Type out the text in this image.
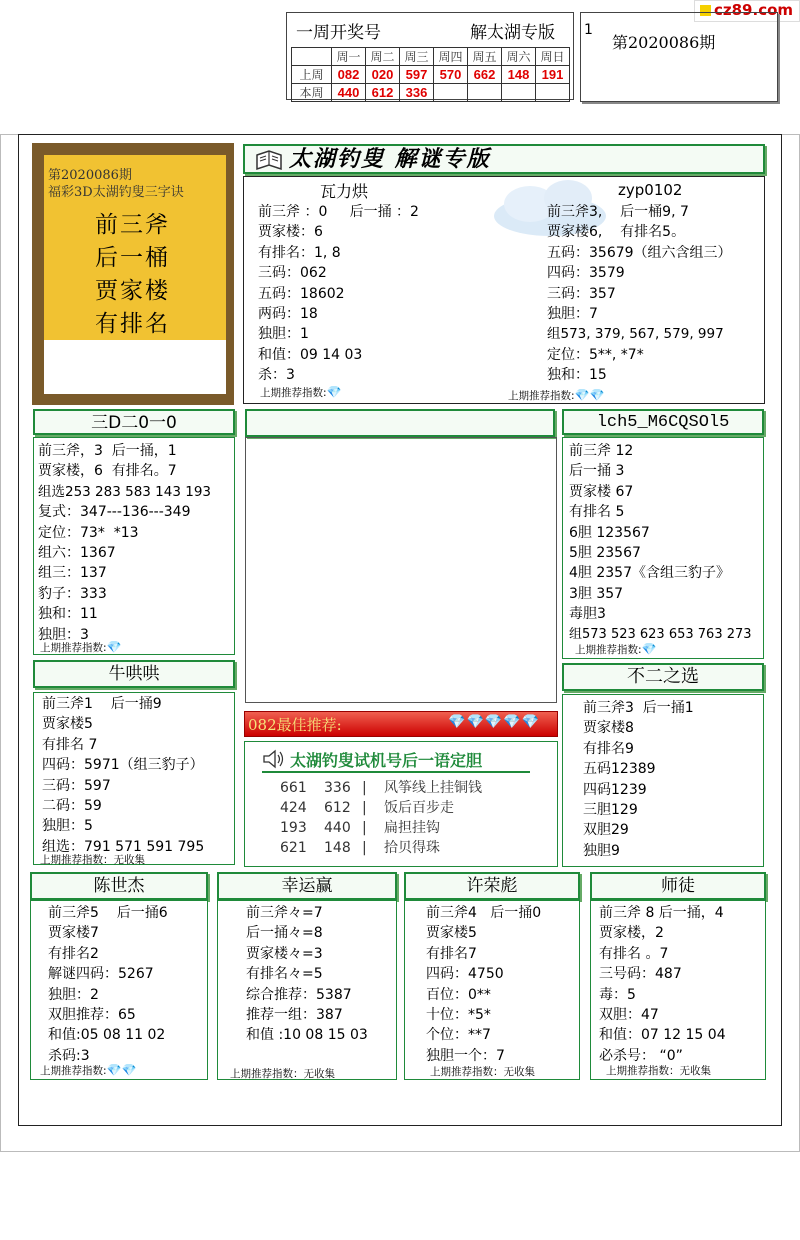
cz89.com
一周开奖号	解太湖专版 1
第2020086期
	周一	周二	周三	周四	周五	周六	周日
上周	082	020	597	570	662	148	191
本周	440	612	336				
第2020086期
福彩3D太湖钓叟三字诀
前三斧
后一桶
贾家楼
有排名
太湖钓叟 解谜专版
瓦力烘
前三斧 ：0     后一捅 ：2
贾家楼：6
有排名：1, 8
三码：062
五码：18602
两码：18
独胆：1
和值：09 14 03
杀：3
上期推荐指数:💎
zyp0102
前三斧3,    后一桶9, 7
贾家楼6,    有排名5。
五码：35679（组六含组三）
四码：3579
三码：357
独胆：7
组573, 379, 567, 579, 997
定位：5**, *7*
独和：15
上期推荐指数:💎💎
三D二0一0
前三斧，3  后一捅，1
贾家楼，6  有排名。7
组选253 283 583 143 193
复式：347---136---349
定位：73*  *13
组六：1367
组三：137
豹子：333
独和：11
独胆：3
上期推荐指数:💎
lch5_M6CQSOl5
前三斧 12
后一捅 3
贾家楼 67
有排名 5
6胆 123567
5胆 23567
4胆 2357《含组三豹子》
3胆 357
毒胆3
组573 523 623 653 763 273
上期推荐指数:💎
牛哄哄
前三斧1    后一捅9
贾家楼5
有排名 7
四码：5971（组三豹子）
三码：597
二码：59
独胆：5
组选：791 571 591 795
上期推荐指数：无收集
082最佳推荐:	💎💎💎💎💎
太湖钓叟试机号后一语定胆
661 336 | 风筝线上挂铜钱
424 612 | 饭后百步走
193 440 | 扁担挂钩
621 148 | 拾贝得珠
不二之选
前三斧3  后一捅1
贾家楼8
有排名9
五码12389
四码1239
三胆129
双胆29
独胆9
陈世杰
前三斧5    后一捅6
贾家楼7
有排名2
解谜四码：5267
独胆：2
双胆推荐：65
和值:05 08 11 02
杀码:3
上期推荐指数:💎💎
幸运赢
前三斧々=7
后一捅々=8
贾家楼々=3
有排名々=5
综合推荐：5387
推荐一组：387
和值 :10 08 15 03
上期推荐指数：无收集
许荣彪
前三斧4   后一捅0
贾家楼5
有排名7
四码：4750
百位：0**
十位：*5*
个位：**7
独胆一个：7
上期推荐指数：无收集
师徒
前三斧 8 后一捅，4
贾家楼，2
有排名 。7
三号码：487
毒：5
双胆：47
和值：07 12 15 04
必杀号： “0”
上期推荐指数：无收集
